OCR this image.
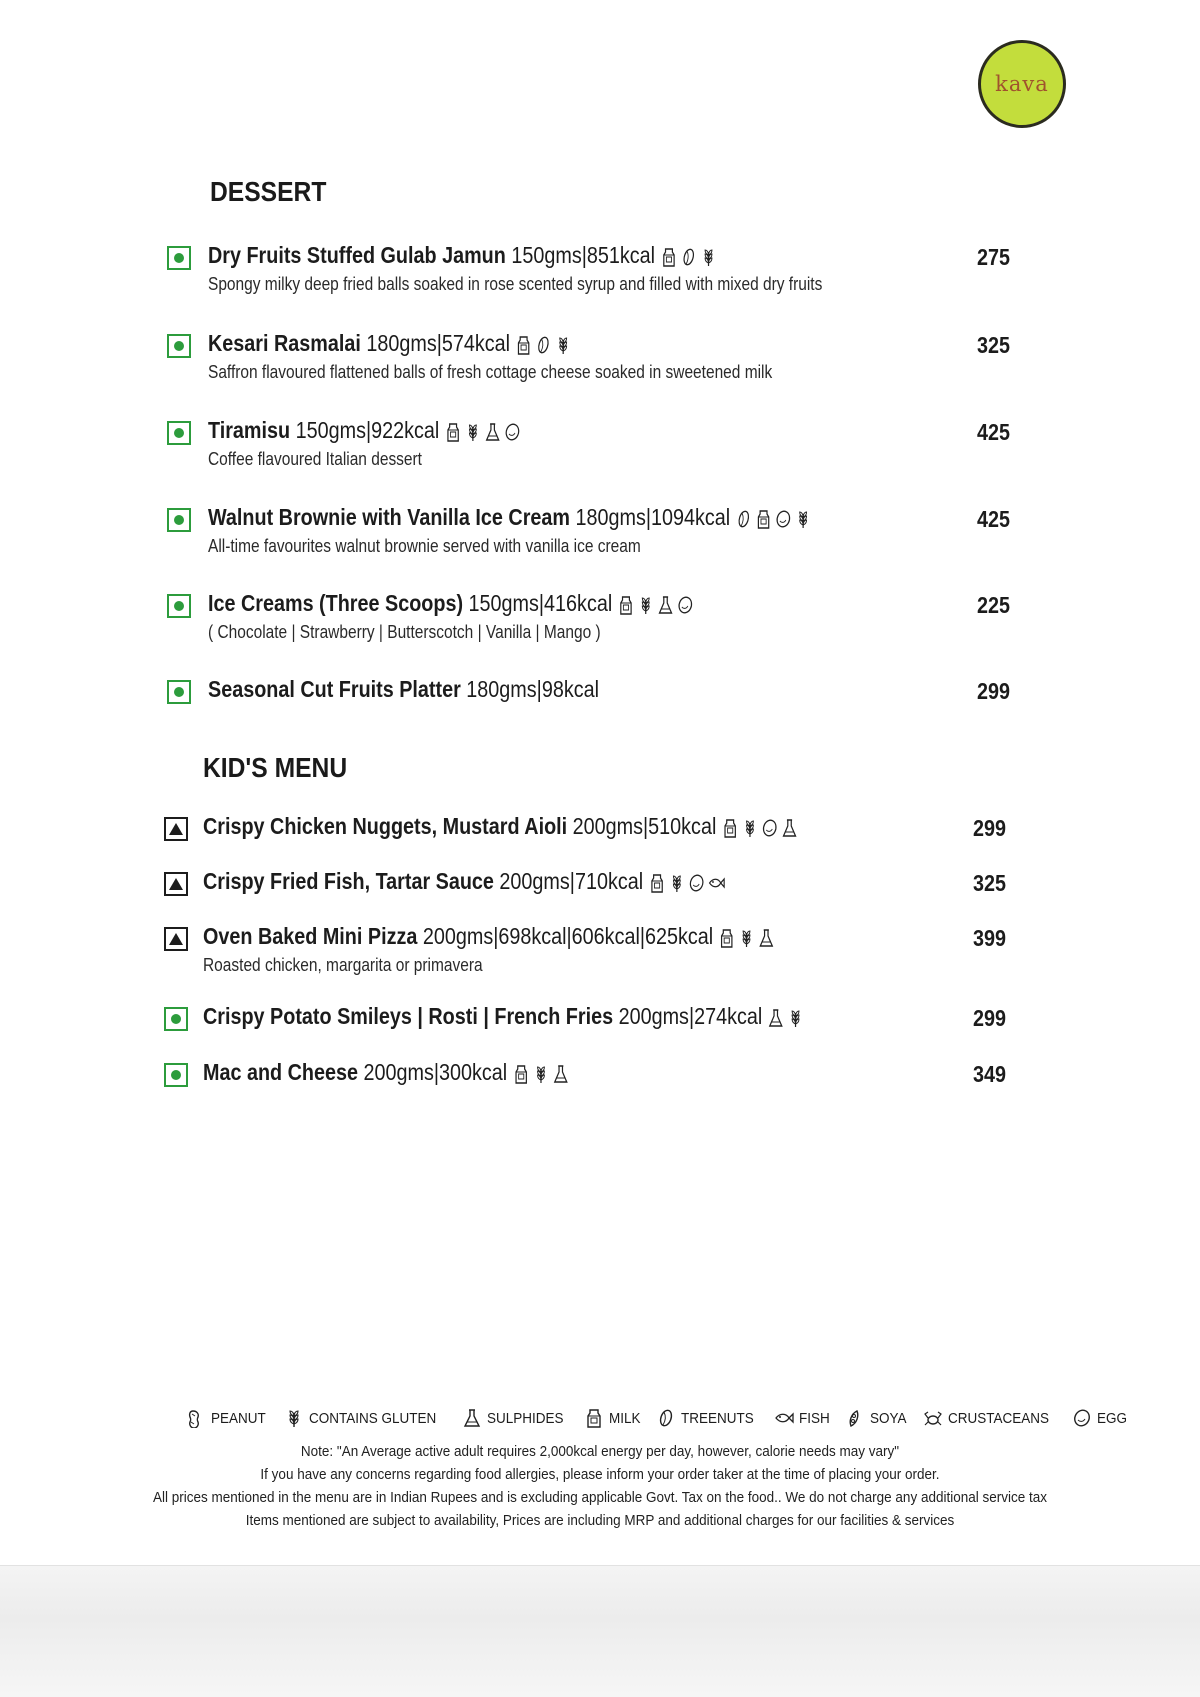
kava
DESSERT
Dry Fruits Stuffed Gulab Jamun 150gms|851kcal
Spongy milky deep fried balls soaked in rose scented syrup and filled with mixed dry fruits
275
Kesari Rasmalai 180gms|574kcal
Saffron flavoured flattened balls of fresh cottage cheese soaked in sweetened milk
325
Tiramisu 150gms|922kcal
Coffee flavoured Italian dessert
425
Walnut Brownie with Vanilla Ice Cream 180gms|1094kcal
All-time favourites walnut brownie served with vanilla ice cream
425
Ice Creams (Three Scoops) 150gms|416kcal
( Chocolate | Strawberry | Butterscotch | Vanilla | Mango )
225
Seasonal Cut Fruits Platter 180gms|98kcal	299
KID'S MENU
Crispy Chicken Nuggets, Mustard Aioli 200gms|510kcal	299
Crispy Fried Fish, Tartar Sauce 200gms|710kcal	325
Oven Baked Mini Pizza 200gms|698kcal|606kcal|625kcal
Roasted chicken, margarita or primavera
399
Crispy Potato Smileys | Rosti | French Fries 200gms|274kcal	299
Mac and Cheese 200gms|300kcal	349
PEANUT	CONTAINS GLUTEN	SULPHIDES	MILK	TREENUTS	FISH	SOYA	CRUSTACEANS	EGG
Note: "An Average active adult requires 2,000kcal energy per day, however, calorie needs may vary"
If you have any concerns regarding food allergies, please inform your order taker at the time of placing your order.
All prices mentioned in the menu are in Indian Rupees and is excluding applicable Govt. Tax on the food.. We do not charge any additional service tax
Items mentioned are subject to availability, Prices are including MRP and additional charges for our facilities & services
